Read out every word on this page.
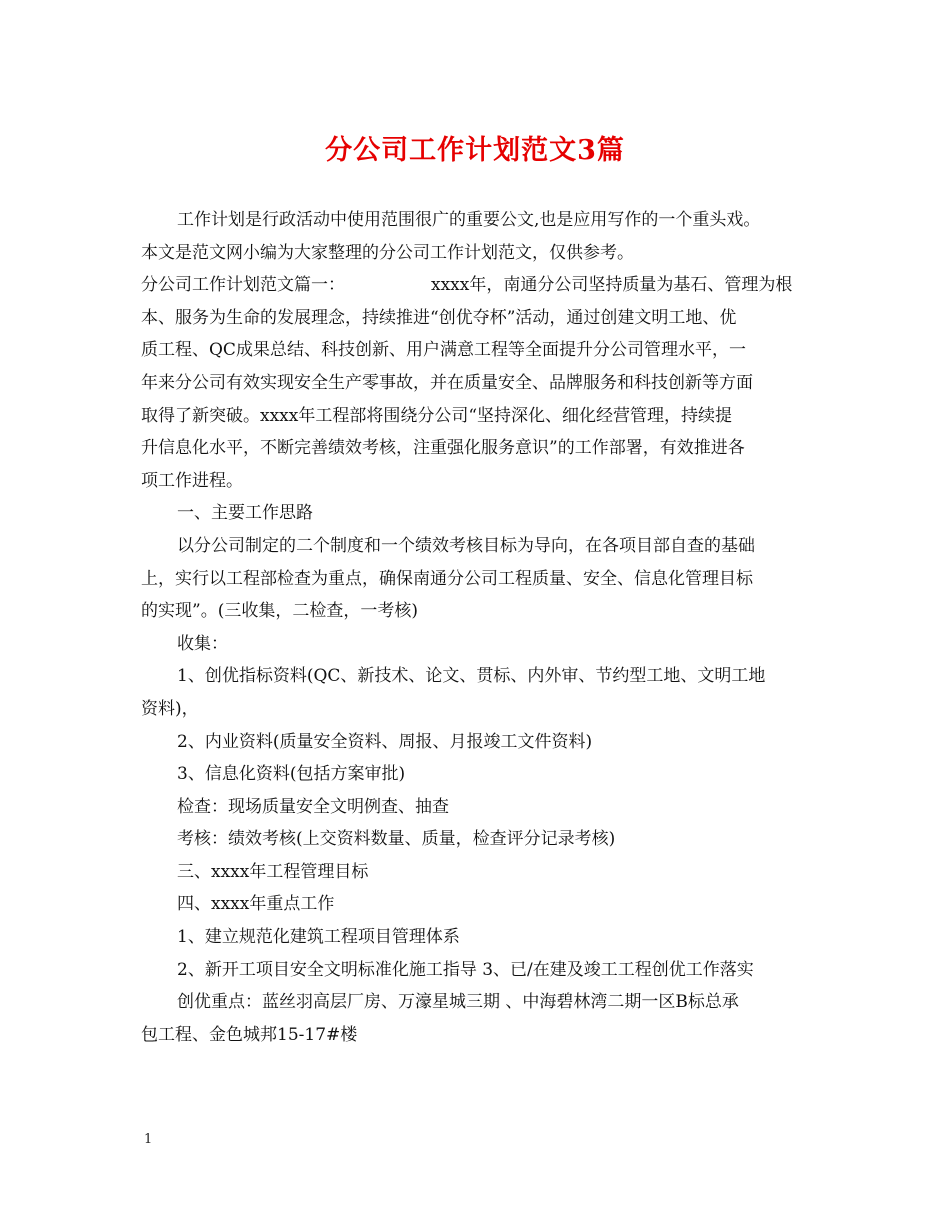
分公司工作计划范文3篇

工作计划是行政活动中使用范围很广的重要公文,也是应用写作的一个重头戏。

本文是范文网小编为大家整理的分公司工作计划范文，仅供参考。

分公司工作计划范文篇一：	xxxx年，南通分公司坚持质量为基石、管理为根

本、服务为生命的发展理念，持续推进“创优夺杯”活动，通过创建文明工地、优

质工程、QC成果总结、科技创新、用户满意工程等全面提升分公司管理水平，一

年来分公司有效实现安全生产零事故，并在质量安全、品牌服务和科技创新等方面

取得了新突破。xxxx年工程部将围绕分公司“坚持深化、细化经营管理，持续提

升信息化水平，不断完善绩效考核，注重强化服务意识”的工作部署，有效推进各

项工作进程。

一、主要工作思路

以分公司制定的二个制度和一个绩效考核目标为导向，在各项目部自查的基础

上，实行以工程部检查为重点，确保南通分公司工程质量、安全、信息化管理目标

的实现”。(三收集，二检查，一考核)

收集：

1、创优指标资料(QC、新技术、论文、贯标、内外审、节约型工地、文明工地

资料)，

2、内业资料(质量安全资料、周报、月报竣工文件资料)

3、信息化资料(包括方案审批)

检查：现场质量安全文明例查、抽查

考核：绩效考核(上交资料数量、质量，检查评分记录考核)

三、xxxx年工程管理目标

四、xxxx年重点工作

1、建立规范化建筑工程项目管理体系

2、新开工项目安全文明标准化施工指导 3、已/在建及竣工工程创优工作落实

创优重点：蓝丝羽高层厂房、万濠星城三期 、中海碧林湾二期一区B标总承

包工程、金色城邦15-17#楼

1
